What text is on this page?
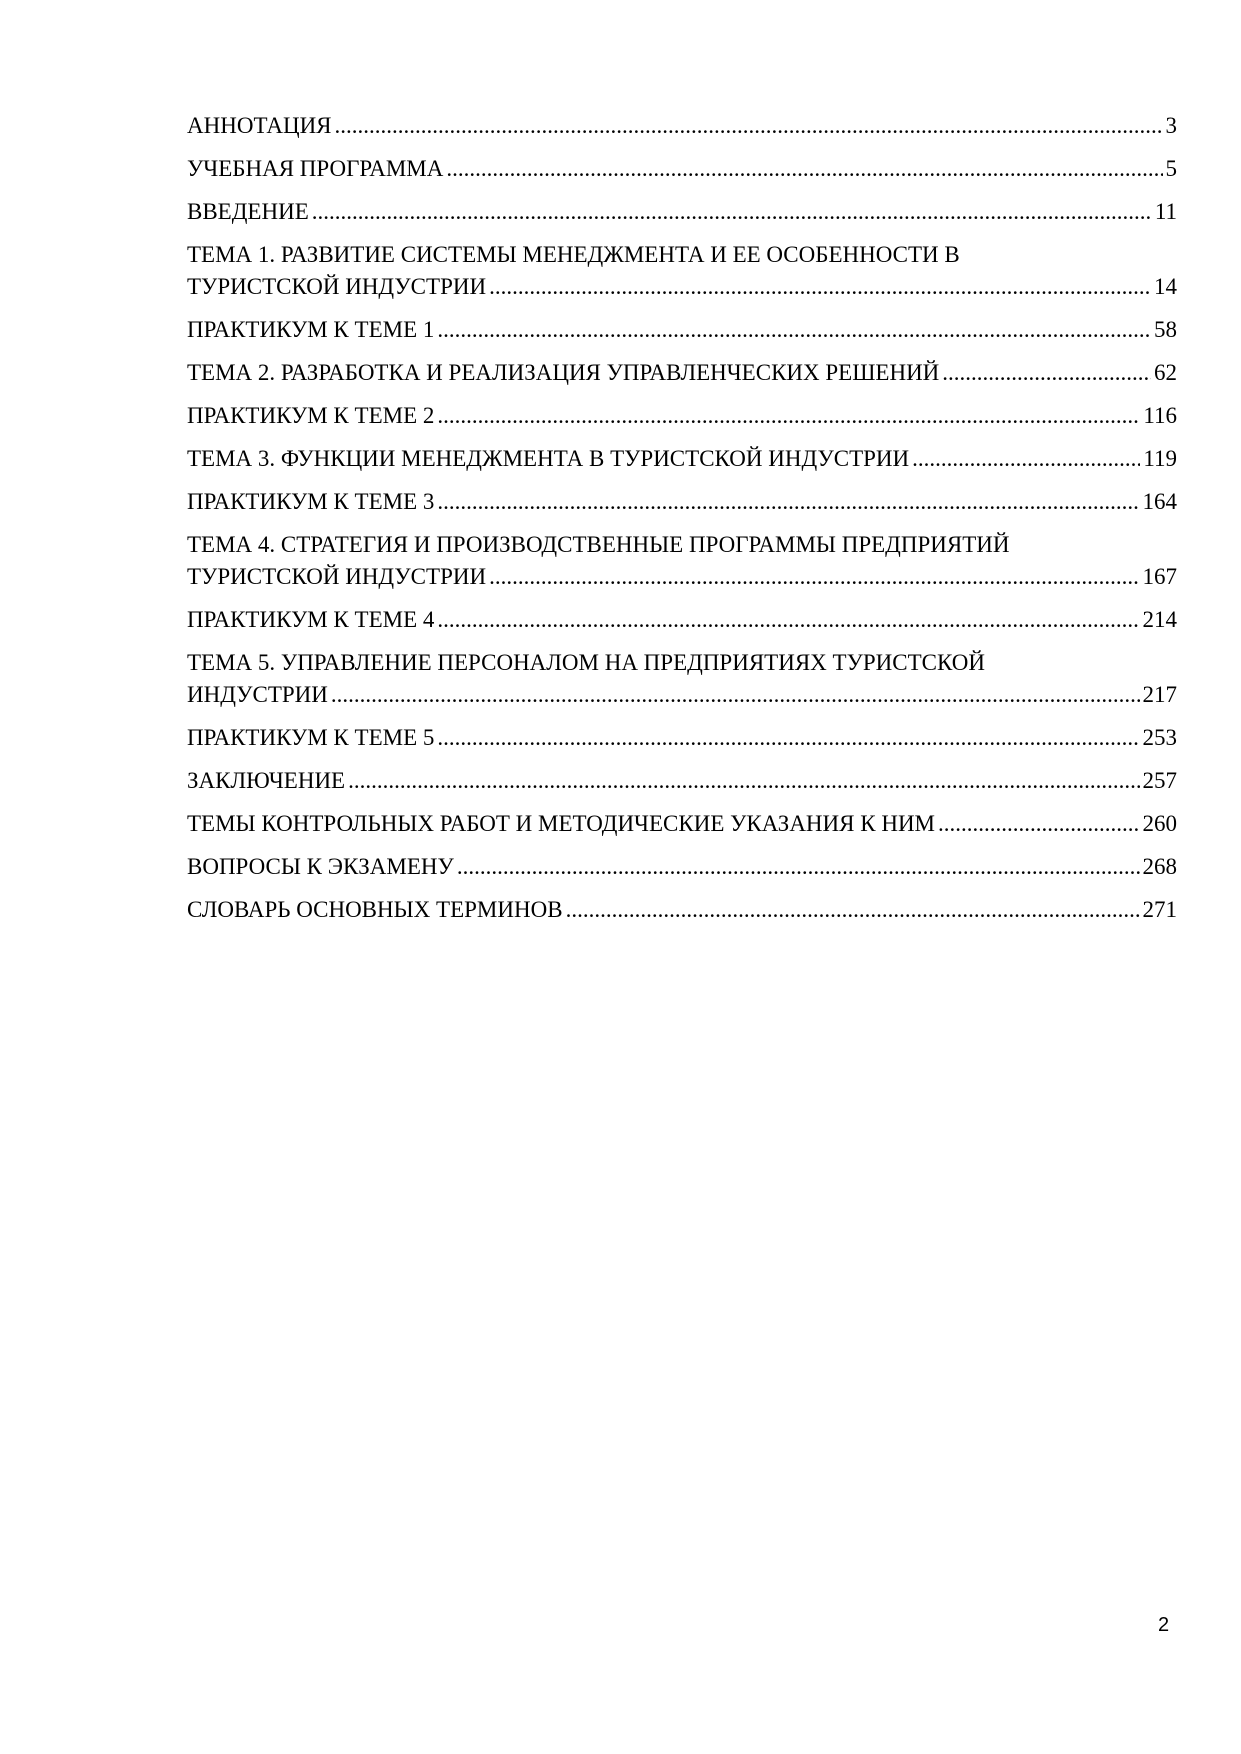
АННОТАЦИЯ .....	3
УЧЕБНАЯ ПРОГРАММА .....	5
ВВЕДЕНИЕ .....	11
ТЕМА 1. РАЗВИТИЕ СИСТЕМЫ МЕНЕДЖМЕНТА И ЕЕ ОСОБЕННОСТИ В
ТУРИСТСКОЙ ИНДУСТРИИ .....	14
ПРАКТИКУМ К ТЕМЕ 1 .....	58
ТЕМА 2. РАЗРАБОТКА И РЕАЛИЗАЦИЯ УПРАВЛЕНЧЕСКИХ РЕШЕНИЙ .....	62
ПРАКТИКУМ К ТЕМЕ 2 .....	116
ТЕМА 3. ФУНКЦИИ МЕНЕДЖМЕНТА В ТУРИСТСКОЙ ИНДУСТРИИ .....	119
ПРАКТИКУМ К ТЕМЕ 3 .....	164
ТЕМА 4. СТРАТЕГИЯ И ПРОИЗВОДСТВЕННЫЕ ПРОГРАММЫ ПРЕДПРИЯТИЙ
ТУРИСТСКОЙ ИНДУСТРИИ .....	167
ПРАКТИКУМ К ТЕМЕ 4 .....	214
ТЕМА 5. УПРАВЛЕНИЕ ПЕРСОНАЛОМ НА ПРЕДПРИЯТИЯХ ТУРИСТСКОЙ
ИНДУСТРИИ .....	217
ПРАКТИКУМ К ТЕМЕ 5 .....	253
ЗАКЛЮЧЕНИЕ .....	257
ТЕМЫ КОНТРОЛЬНЫХ РАБОТ И МЕТОДИЧЕСКИЕ УКАЗАНИЯ К НИМ .....	260
ВОПРОСЫ К ЭКЗАМЕНУ .....	268
СЛОВАРЬ ОСНОВНЫХ ТЕРМИНОВ .....	271
2
